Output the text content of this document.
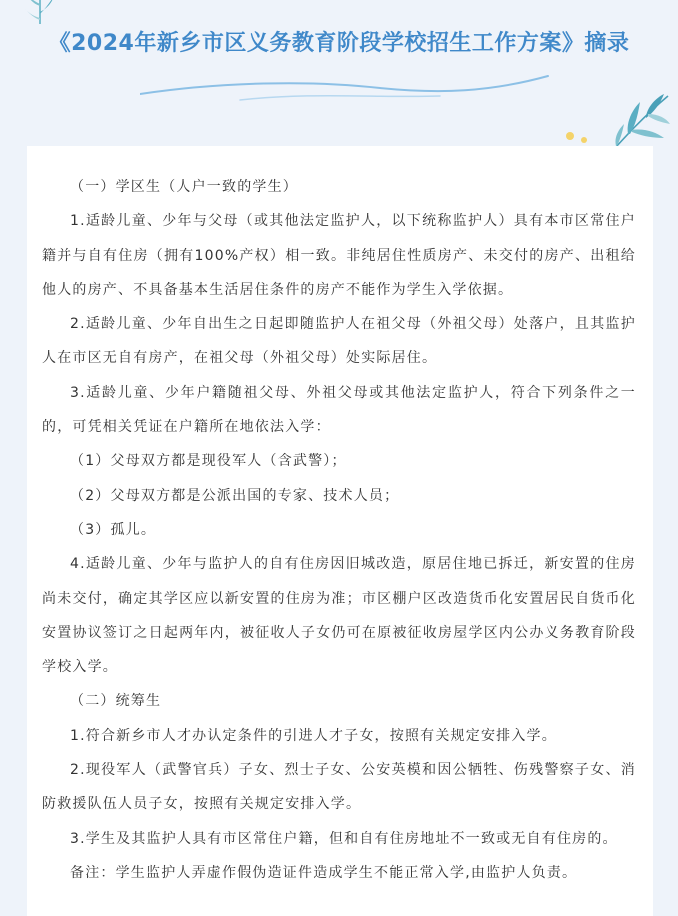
《2024年新乡市区义务教育阶段学校招生工作方案》摘录

（一）学区生（人户一致的学生）

1.适龄儿童、少年与父母（或其他法定监护人，以下统称监护人）具有本市区常住户籍并与自有住房（拥有100%产权）相一致。非纯居住性质房产、未交付的房产、出租给他人的房产、不具备基本生活居住条件的房产不能作为学生入学依据。

2.适龄儿童、少年自出生之日起即随监护人在祖父母（外祖父母）处落户，且其监护人在市区无自有房产，在祖父母（外祖父母）处实际居住。

3.适龄儿童、少年户籍随祖父母、外祖父母或其他法定监护人，符合下列条件之一的，可凭相关凭证在户籍所在地依法入学：

（1）父母双方都是现役军人（含武警）；

（2）父母双方都是公派出国的专家、技术人员；

（3）孤儿。

4.适龄儿童、少年与监护人的自有住房因旧城改造，原居住地已拆迁，新安置的住房尚未交付，确定其学区应以新安置的住房为准；市区棚户区改造货币化安置居民自货币化安置协议签订之日起两年内，被征收人子女仍可在原被征收房屋学区内公办义务教育阶段学校入学。

（二）统筹生

1.符合新乡市人才办认定条件的引进人才子女，按照有关规定安排入学。

2.现役军人（武警官兵）子女、烈士子女、公安英模和因公牺牲、伤残警察子女、消防救援队伍人员子女，按照有关规定安排入学。

3.学生及其监护人具有市区常住户籍，但和自有住房地址不一致或无自有住房的。

备注：学生监护人弄虚作假伪造证件造成学生不能正常入学,由监护人负责。
